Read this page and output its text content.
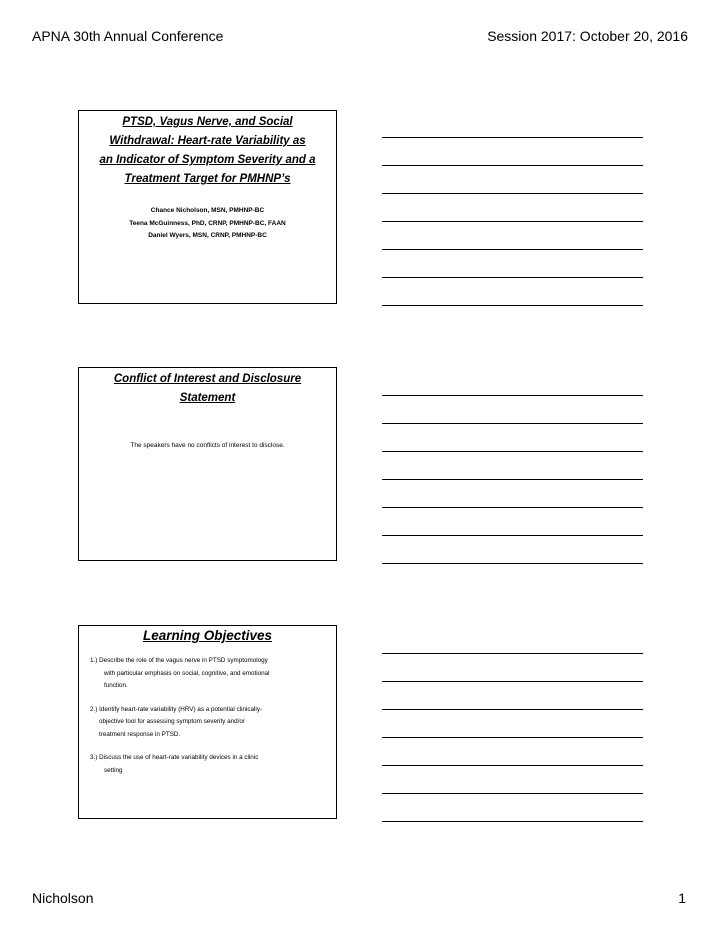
APNA 30th Annual Conference	Session 2017: October 20, 2016
PTSD, Vagus Nerve, and Social
Withdrawal: Heart-rate Variability as
an Indicator of Symptom Severity and a
Treatment Target for PMHNP’s
Chance Nicholson, MSN, PMHNP-BC
Teena McGuinness, PhD, CRNP, PMHNP-BC, FAAN
Daniel Wyers, MSN, CRNP, PMHNP-BC
Conflict of Interest and Disclosure
Statement
The speakers have no conflicts of interest to disclose.
Learning Objectives
1.) Describe the role of the vagus nerve in PTSD symptomology
with particular emphasis on social, cognitive, and emotional
function.
2.) Identify heart-rate variability (HRV) as a potential clinically-
objective tool for assessing symptom severity and/or
treatment response in PTSD.
3.) Discuss the use of heart-rate variability devices in a clinic
setting
Nicholson	1
